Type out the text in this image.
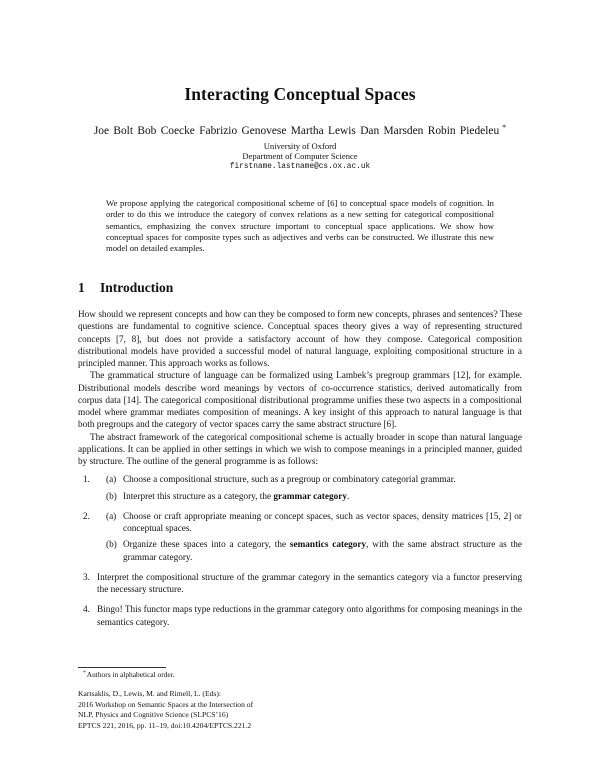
Interacting Conceptual Spaces
Joe Bolt Bob Coecke Fabrizio Genovese Martha Lewis Dan Marsden Robin Piedeleu *
University of Oxford
Department of Computer Science
firstname.lastname@cs.ox.ac.uk

We propose applying the categorical compositional scheme of [6] to conceptual space models of cognition. In order to do this we introduce the category of convex relations as a new setting for categorical compositional semantics, emphasizing the convex structure important to conceptual space applications. We show how conceptual spaces for composite types such as adjectives and verbs can be constructed. We illustrate this new model on detailed examples.

1 Introduction

How should we represent concepts and how can they be composed to form new concepts, phrases and sentences? These questions are fundamental to cognitive science. Conceptual spaces theory gives a way of representing structured concepts [7, 8], but does not provide a satisfactory account of how they compose. Categorical composition distributional models have provided a successful model of natural language, exploiting compositional structure in a principled manner. This approach works as follows.

The grammatical structure of language can be formalized using Lambek’s pregroup grammars [12], for example. Distributional models describe word meanings by vectors of co-occurrence statistics, derived automatically from corpus data [14]. The categorical compositional distributional programme unifies these two aspects in a compositional model where grammar mediates composition of meanings. A key insight of this approach to natural language is that both pregroups and the category of vector spaces carry the same abstract structure [6].

The abstract framework of the categorical compositional scheme is actually broader in scope than natural language applications. It can be applied in other settings in which we wish to compose meanings in a principled manner, guided by structure. The outline of the general programme is as follows:

1. (a) Choose a compositional structure, such as a pregroup or combinatory categorial grammar.
(b) Interpret this structure as a category, the grammar category.
2. (a) Choose or craft appropriate meaning or concept spaces, such as vector spaces, density matrices [15, 2] or conceptual spaces.
(b) Organize these spaces into a category, the semantics category, with the same abstract structure as the grammar category.
3. Interpret the compositional structure of the grammar category in the semantics category via a functor preserving the necessary structure.
4. Bingo! This functor maps type reductions in the grammar category onto algorithms for composing meanings in the semantics category.
*Authors in alphabetical order.
Kartsaklis, D., Lewis, M. and Rimell, L. (Eds):
2016 Workshop on Semantic Spaces at the Intersection of
NLP, Physics and Cognitive Science (SLPCS’16)
EPTCS 221, 2016, pp. 11–19, doi:10.4204/EPTCS.221.2
